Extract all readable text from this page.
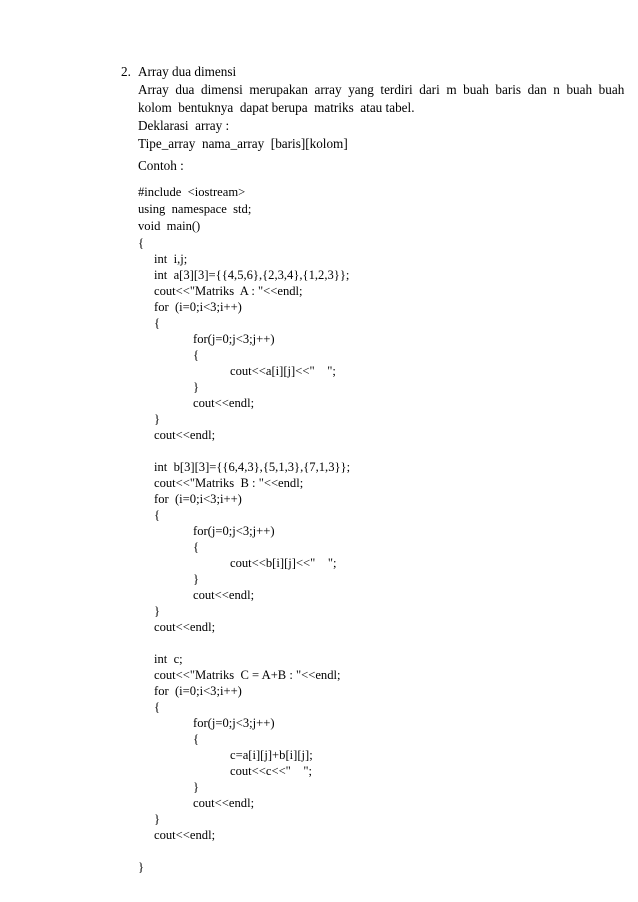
2. Array dua dimensi
Array  dua  dimensi  merupakan  array  yang  terdiri  dari  m  buah  baris  dan  n  buah  buah
kolom  bentuknya  dapat berupa  matriks  atau tabel.
Deklarasi  array :
Tipe_array  nama_array  [baris][kolom]
Contoh :
#include  <iostream>
using  namespace  std;
void  main()
{
int  i,j;
int  a[3][3]={{4,5,6},{2,3,4},{1,2,3}};
cout<<"Matriks  A : "<<endl;
for  (i=0;i<3;i++)
{
for(j=0;j<3;j++)
{
cout<<a[i][j]<<"    ";
}
cout<<endl;
}
cout<<endl;
int  b[3][3]={{6,4,3},{5,1,3},{7,1,3}};
cout<<"Matriks  B : "<<endl;
for  (i=0;i<3;i++)
{
for(j=0;j<3;j++)
{
cout<<b[i][j]<<"    ";
}
cout<<endl;
}
cout<<endl;
int  c;
cout<<"Matriks  C = A+B : "<<endl;
for  (i=0;i<3;i++)
{
for(j=0;j<3;j++)
{
c=a[i][j]+b[i][j];
cout<<c<<"    ";
}
cout<<endl;
}
cout<<endl;
}
